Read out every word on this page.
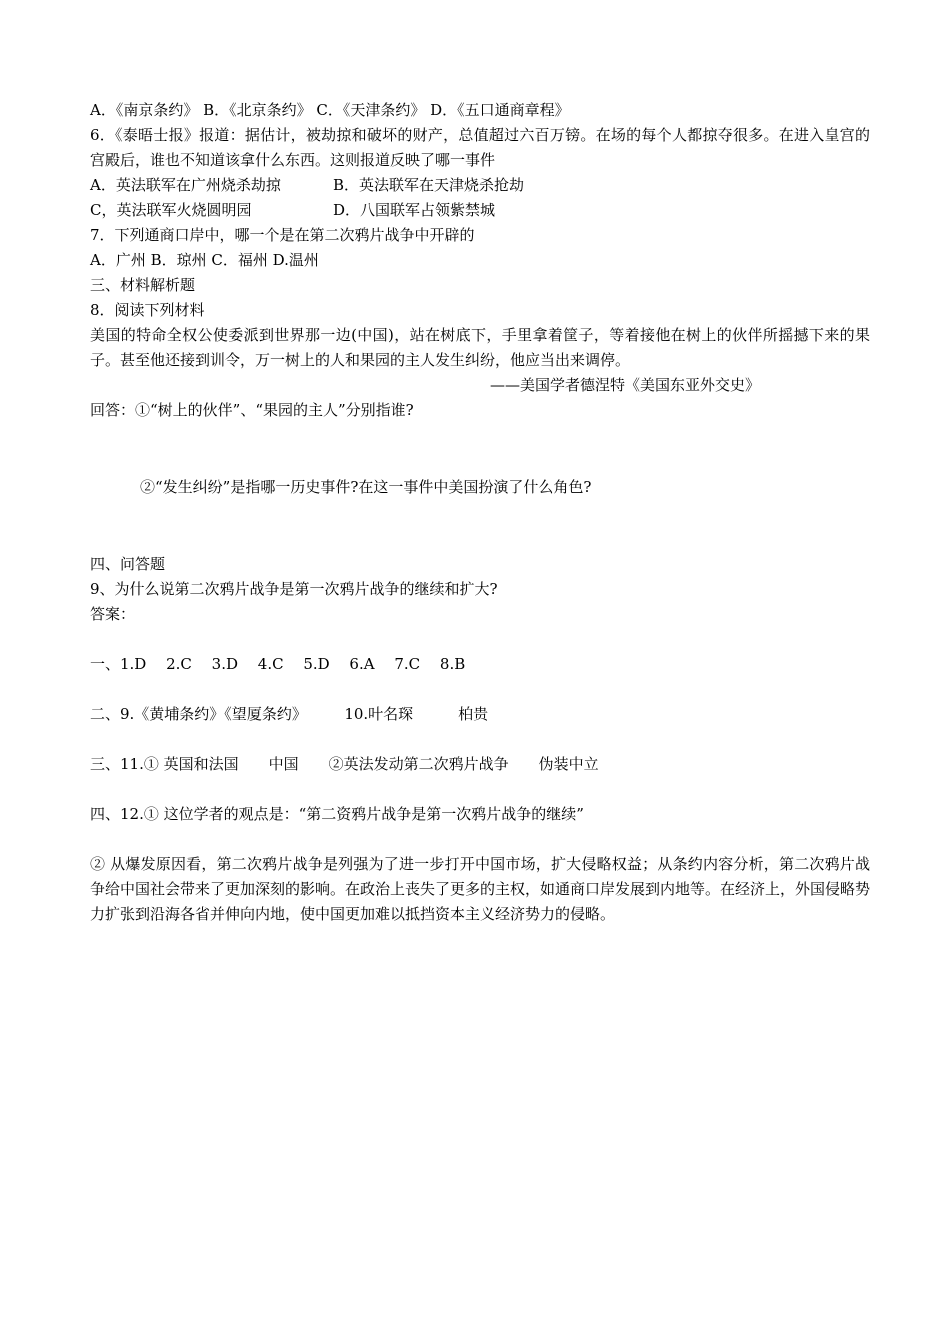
A．《南京条约》 B．《北京条约》 C．《天津条约》 D．《五口通商章程》
6．《泰晤士报》报道：据估计，被劫掠和破坏的财产，总值超过六百万镑。在场的每个人都掠夺很多。在进入皇宫的宫殿后，谁也不知道该拿什么东西。这则报道反映了哪一事件
A．英法联军在广州烧杀劫掠	B．英法联军在天津烧杀抢劫
C，英法联军火烧圆明园	D．八国联军占领紫禁城
7．下列通商口岸中，哪一个是在第二次鸦片战争中开辟的
A．广州 B．琼州 C．福州 D.温州
三、材料解析题
8．阅读下列材料
美国的特命全权公使委派到世界那一边(中国)，站在树底下，手里拿着筐子，等着接他在树上的伙伴所摇撼下来的果子。甚至他还接到训令，万一树上的人和果园的主人发生纠纷，他应当出来调停。
——美国学者德涅特《美国东亚外交史》
回答：①“树上的伙伴”、“果园的主人”分别指谁?
②“发生纠纷”是指哪一历史事件?在这一事件中美国扮演了什么角色?
四、问答题
9、为什么说第二次鸦片战争是第一次鸦片战争的继续和扩大?
答案：
一、1.D　 2.C　 3.D　 4.C　 5.D　 6.A　 7.C　 8.B
二、9.《黄埔条约》《望厦条约》　　　10.叶名琛　　　柏贵
三、11.① 英国和法国　　中国　　②英法发动第二次鸦片战争　　伪装中立
四、12.① 这位学者的观点是：“第二资鸦片战争是第一次鸦片战争的继续”
② 从爆发原因看，第二次鸦片战争是列强为了进一步打开中国市场，扩大侵略权益；从条约内容分析，第二次鸦片战争给中国社会带来了更加深刻的影响。在政治上丧失了更多的主权，如通商口岸发展到内地等。在经济上，外国侵略势力扩张到沿海各省并伸向内地，使中国更加难以抵挡资本主义经济势力的侵略。
